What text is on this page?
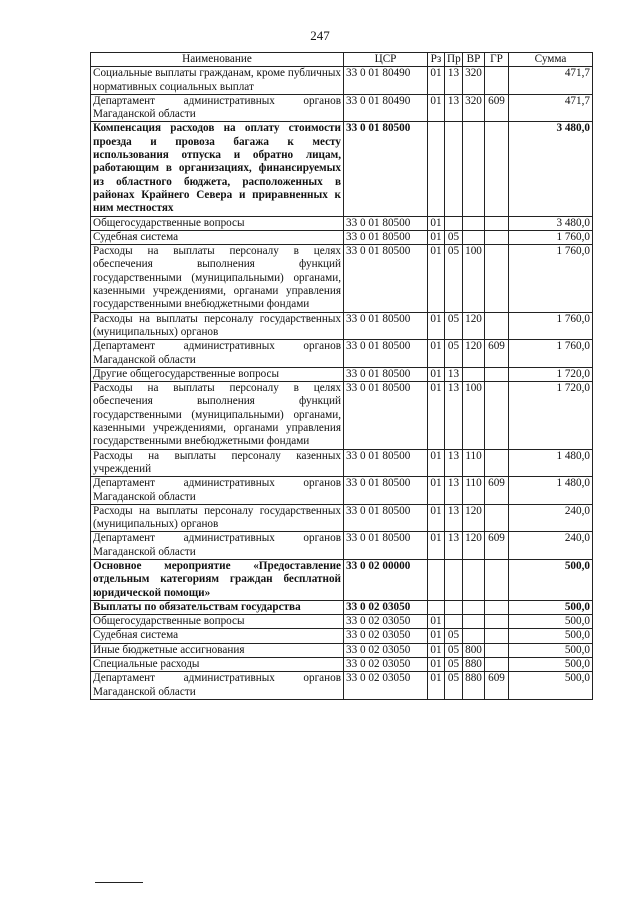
247
Наименование	ЦСР	Рз	Пр	ВР	ГР	Сумма
Социальные выплаты гражданам, кроме публичных нормативных социальных выплат	33 0 01 80490	01	13	320		471,7
Департамент административных органов Магаданской области	33 0 01 80490	01	13	320	609	471,7
Компенсация расходов на оплату стоимости проезда и провоза багажа к месту использования отпуска и обратно лицам, работающим в организациях, финансируемых из областного бюджета, расположенных в районах Крайнего Севера и приравненных к ним местностях	33 0 01 80500					3 480,0
Общегосударственные вопросы	33 0 01 80500	01				3 480,0
Судебная система	33 0 01 80500	01	05			1 760,0
Расходы на выплаты персоналу в целях обеспечения выполнения функций государственными (муниципальными) органами, казенными учреждениями, органами управления государственными внебюджетными фондами	33 0 01 80500	01	05	100		1 760,0
Расходы на выплаты персоналу государственных (муниципальных) органов	33 0 01 80500	01	05	120		1 760,0
Департамент административных органов Магаданской области	33 0 01 80500	01	05	120	609	1 760,0
Другие общегосударственные вопросы	33 0 01 80500	01	13			1 720,0
Расходы на выплаты персоналу в целях обеспечения выполнения функций государственными (муниципальными) органами, казенными учреждениями, органами управления государственными внебюджетными фондами	33 0 01 80500	01	13	100		1 720,0
Расходы на выплаты персоналу казенных учреждений	33 0 01 80500	01	13	110		1 480,0
Департамент административных органов Магаданской области	33 0 01 80500	01	13	110	609	1 480,0
Расходы на выплаты персоналу государственных (муниципальных) органов	33 0 01 80500	01	13	120		240,0
Департамент административных органов Магаданской области	33 0 01 80500	01	13	120	609	240,0
Основное мероприятие «Предоставление отдельным категориям граждан бесплатной юридической помощи»	33 0 02 00000					500,0
Выплаты по обязательствам государства	33 0 02 03050					500,0
Общегосударственные вопросы	33 0 02 03050	01				500,0
Судебная система	33 0 02 03050	01	05			500,0
Иные бюджетные ассигнования	33 0 02 03050	01	05	800		500,0
Специальные расходы	33 0 02 03050	01	05	880		500,0
Департамент административных органов Магаданской области	33 0 02 03050	01	05	880	609	500,0
